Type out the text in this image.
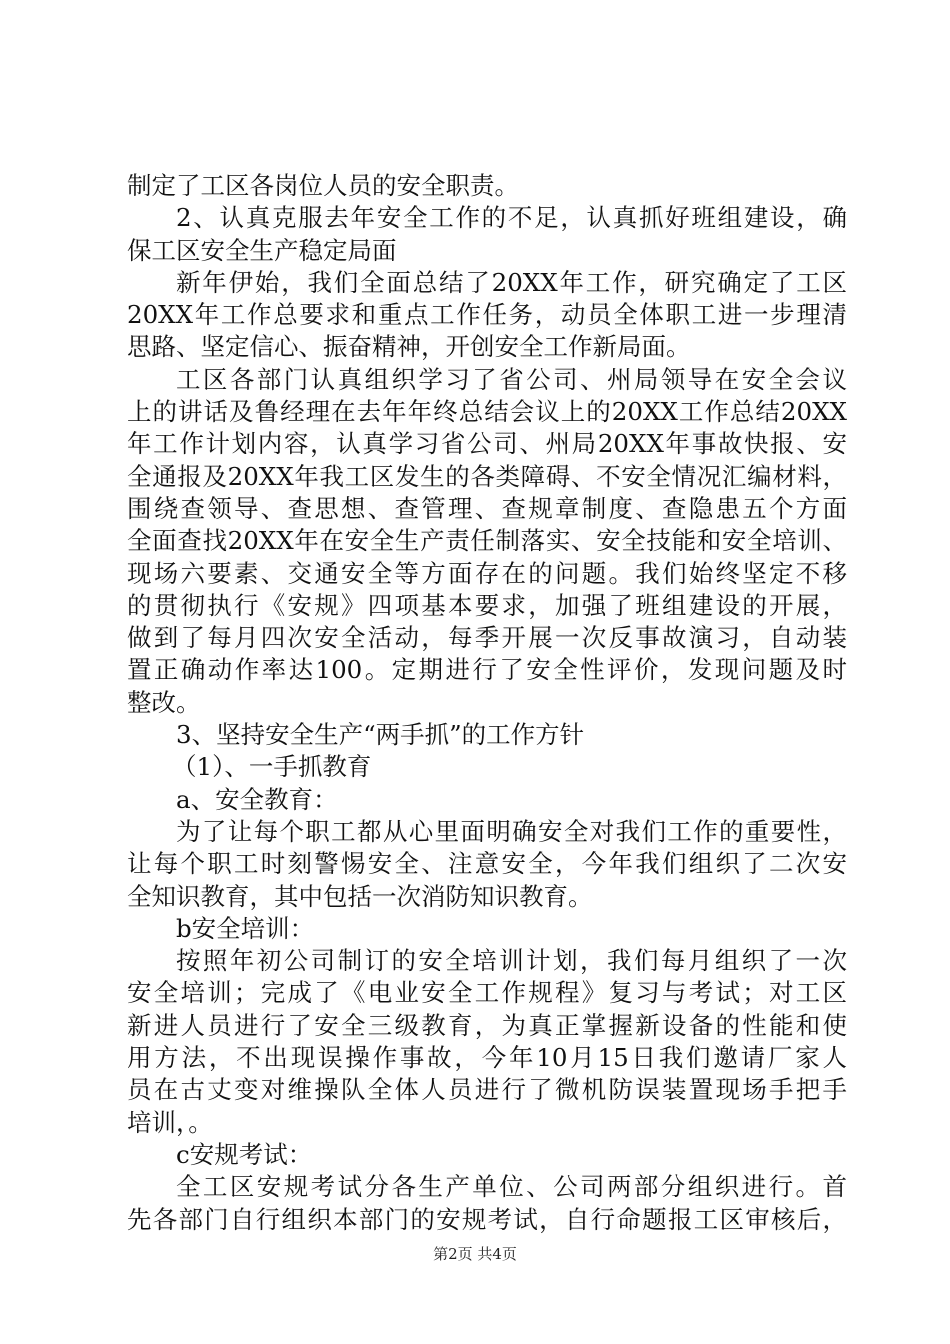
制定了工区各岗位人员的安全职责。
2、认真克服去年安全工作的不足，认真抓好班组建设，确
保工区安全生产稳定局面
新年伊始，我们全面总结了20XX年工作，研究确定了工区
20XX年工作总要求和重点工作任务，动员全体职工进一步理清
思路、坚定信心、振奋精神，开创安全工作新局面。
工区各部门认真组织学习了省公司、州局领导在安全会议
上的讲话及鲁经理在去年年终总结会议上的20XX工作总结20XX
年工作计划内容，认真学习省公司、州局20XX年事故快报、安
全通报及20XX年我工区发生的各类障碍、不安全情况汇编材料，
围绕查领导、查思想、查管理、查规章制度、查隐患五个方面
全面查找20XX年在安全生产责任制落实、安全技能和安全培训、
现场六要素、交通安全等方面存在的问题。我们始终坚定不移
的贯彻执行《安规》四项基本要求，加强了班组建设的开展，
做到了每月四次安全活动，每季开展一次反事故演习，自动装
置正确动作率达100。定期进行了安全性评价，发现问题及时
整改。
3、坚持安全生产“两手抓”的工作方针
（1）、一手抓教育
a、安全教育：
为了让每个职工都从心里面明确安全对我们工作的重要性，
让每个职工时刻警惕安全、注意安全，今年我们组织了二次安
全知识教育，其中包括一次消防知识教育。
b安全培训：
按照年初公司制订的安全培训计划，我们每月组织了一次
安全培训；完成了《电业安全工作规程》复习与考试；对工区
新进人员进行了安全三级教育，为真正掌握新设备的性能和使
用方法，不出现误操作事故，今年10月15日我们邀请厂家人
员在古丈变对维操队全体人员进行了微机防误装置现场手把手
培训，。
c安规考试：
全工区安规考试分各生产单位、公司两部分组织进行。首
先各部门自行组织本部门的安规考试，自行命题报工区审核后，
第2页 共4页
